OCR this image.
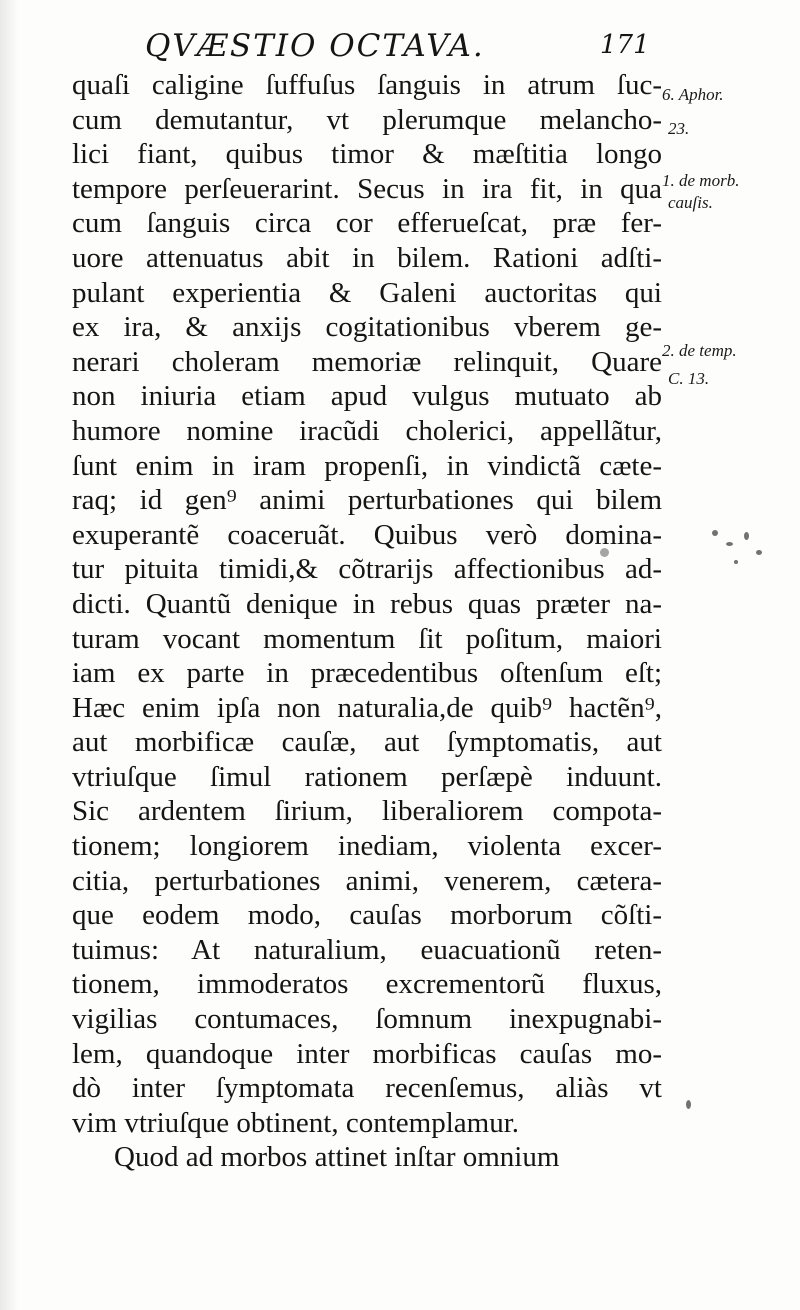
QVÆSTIO OCTAVA.	171
quaſi caligine ſuffuſus ſanguis in atrum ſuc-
cum demutantur, vt plerumque melancho-
lici fiant, quibus timor & mæſtitia longo
tempore perſeuerarint. Secus in ira fit, in qua
cum ſanguis circa cor efferueſcat, præ fer-
uore attenuatus abit in bilem. Rationi adſti-
pulant experientia & Galeni auctoritas qui
ex ira, & anxijs cogitationibus vberem ge-
nerari choleram memoriæ relinquit, Quare
non iniuria etiam apud vulgus mutuato ab
humore nomine iracũdi cholerici, appellãtur,
ſunt enim in iram propenſi, in vindictã cæte-
raq; id gen⁹ animi perturbationes qui bilem
exuperantẽ coaceruãt. Quibus verò domina-
tur pituita timidi,& cõtrarijs affectionibus ad-
dicti. Quantũ denique in rebus quas præter na-
turam vocant momentum ſit poſitum, maiori
iam ex parte in præcedentibus oſtenſum eſt;
Hæc enim ipſa non naturalia,de quib⁹ hactẽn⁹,
aut morbificæ cauſæ, aut ſymptomatis, aut
vtriuſque ſimul rationem perſæpè induunt.
Sic ardentem ſirium, liberaliorem compota-
tionem; longiorem inediam, violenta excer-
citia, perturbationes animi, venerem, cætera-
que eodem modo, cauſas morborum cõſti-
tuimus: At naturalium, euacuationũ reten-
tionem, immoderatos excrementorũ fluxus,
vigilias contumaces, ſomnum inexpugnabi-
lem, quandoque inter morbificas cauſas mo-
dò inter ſymptomata recenſemus, aliàs vt
vim vtriuſque obtinent, contemplamur.
Quod ad morbos attinet inſtar omnium
6. Aphor.
23.
1. de morb.
cauſis.
2. de temp.
C. 13.
